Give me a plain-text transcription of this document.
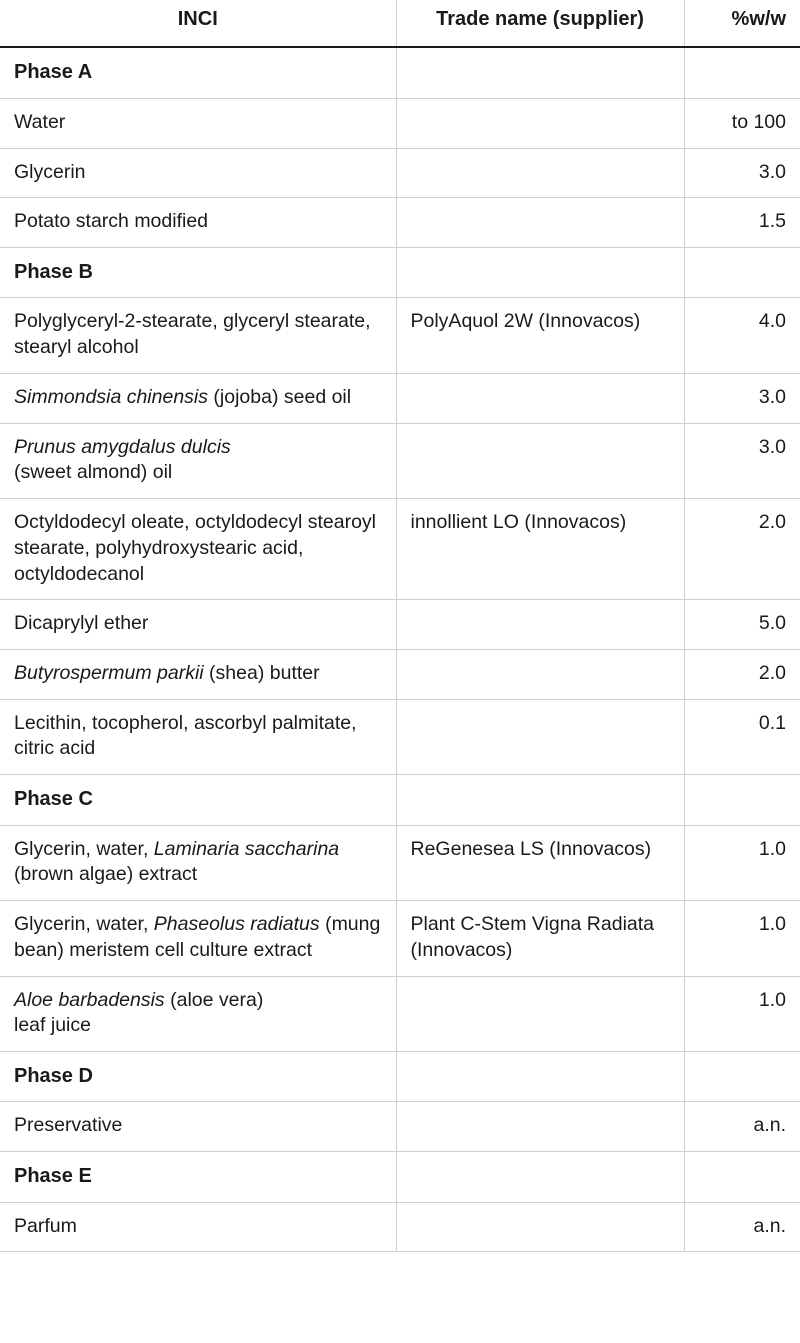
INCI	Trade name (supplier)	%w/w
Phase A		
Water		to 100
Glycerin		3.0
Potato starch modified		1.5
Phase B		
Polyglyceryl-2-stearate, glyceryl stearate, stearyl alcohol	PolyAquol 2W (Innovacos)	4.0
Simmondsia chinensis (jojoba) seed oil		3.0
Prunus amygdalus dulcis
(sweet almond) oil		3.0
Octyldodecyl oleate, octyldodecyl stearoyl stearate, polyhydroxystearic acid, octyldodecanol	innollient LO (Innovacos)	2.0
Dicaprylyl ether		5.0
Butyrospermum parkii (shea) butter		2.0
Lecithin, tocopherol, ascorbyl palmitate, citric acid		0.1
Phase C		
Glycerin, water, Laminaria saccharina (brown algae) extract	ReGenesea LS (Innovacos)	1.0
Glycerin, water, Phaseolus radiatus (mung bean) meristem cell culture extract	Plant C-Stem Vigna Radiata (Innovacos)	1.0
Aloe barbadensis (aloe vera)
leaf juice		1.0
Phase D		
Preservative		a.n.
Phase E		
Parfum		a.n.
